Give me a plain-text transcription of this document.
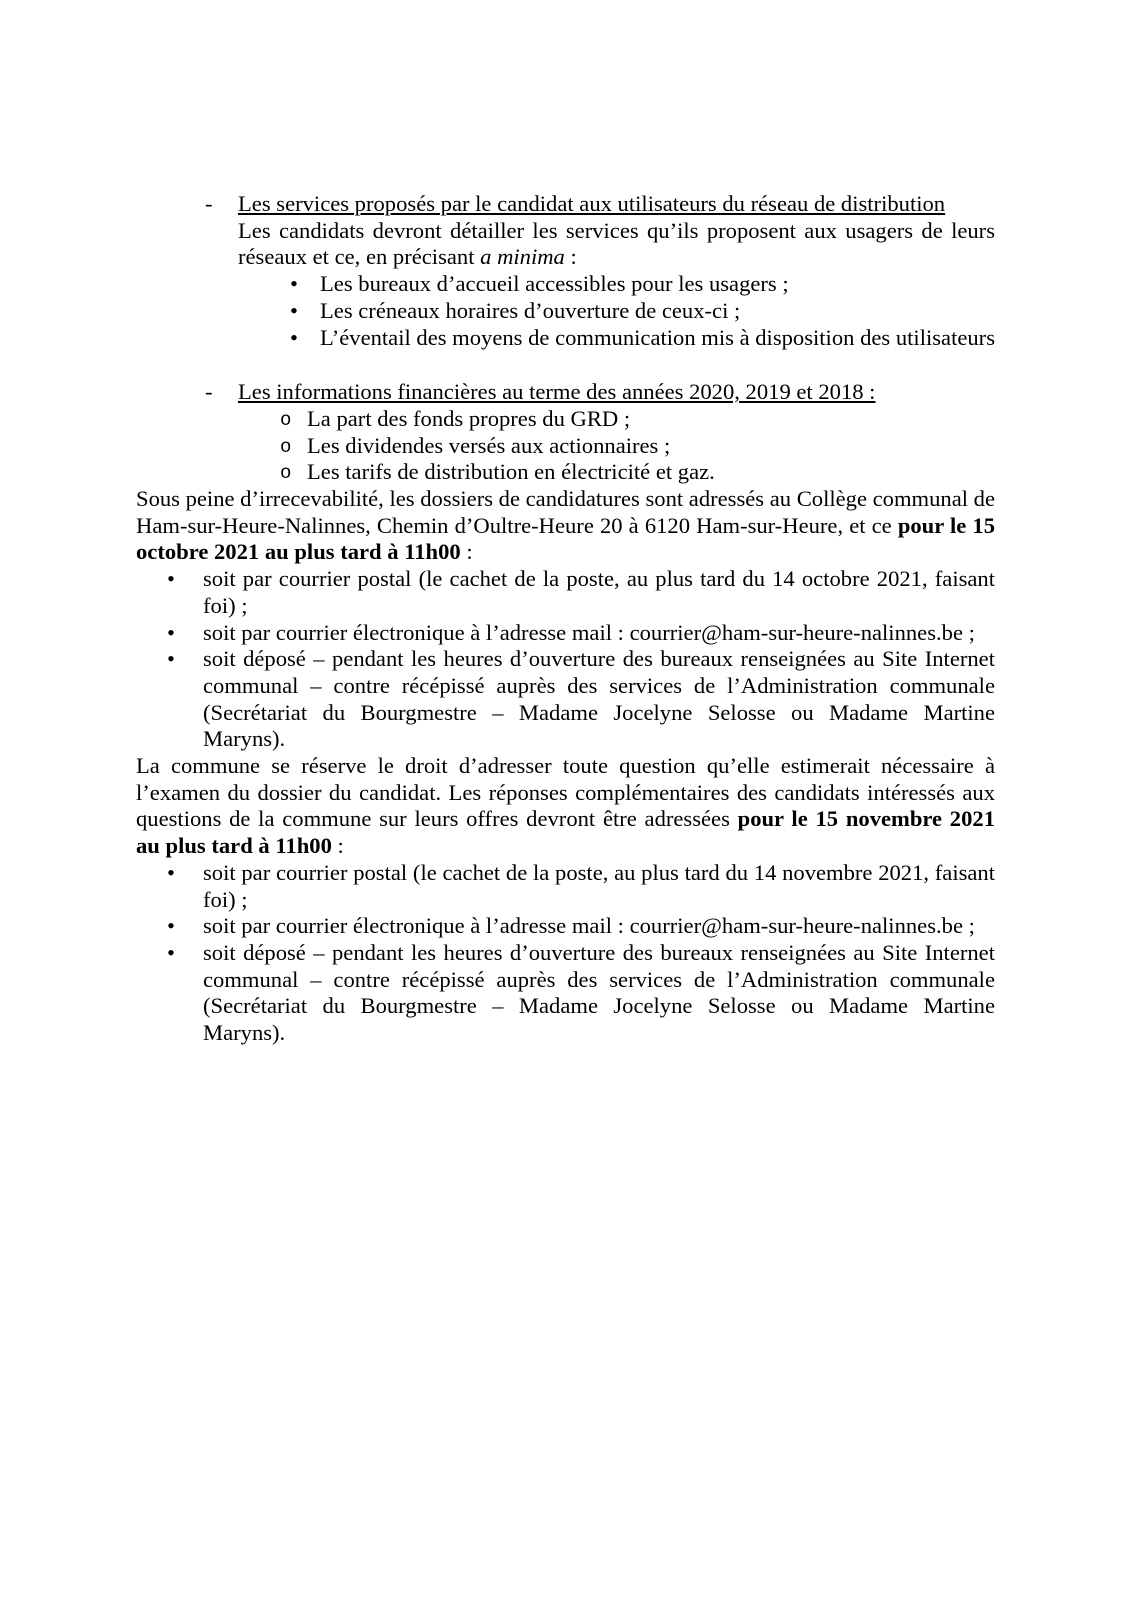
- Les services proposés par le candidat aux utilisateurs du réseau de distribution

Les candidats devront détailler les services qu’ils proposent aux usagers de leurs réseaux et ce, en précisant a minima :

• Les bureaux d’accueil accessibles pour les usagers ;
• Les créneaux horaires d’ouverture de ceux-ci ;
• L’éventail des moyens de communication mis à disposition des utilisateurs
- Les informations financières au terme des années 2020, 2019 et 2018 :
o La part des fonds propres du GRD ;
o Les dividendes versés aux actionnaires ;
o Les tarifs de distribution en électricité et gaz.

Sous peine d’irrecevabilité, les dossiers de candidatures sont adressés au Collège communal de Ham-sur-Heure-Nalinnes, Chemin d’Oultre-Heure 20 à 6120 Ham-sur-Heure, et ce pour le 15 octobre 2021 au plus tard à 11h00 :

• soit par courrier postal (le cachet de la poste, au plus tard du 14 octobre 2021, faisant foi) ;
• soit par courrier électronique à l’adresse mail : courrier@ham-sur-heure-nalinnes.be ;
• soit déposé – pendant les heures d’ouverture des bureaux renseignées au Site Internet communal – contre récépissé auprès des services de l’Administration communale (Secrétariat du Bourgmestre – Madame Jocelyne Selosse ou Madame Martine Maryns).

La commune se réserve le droit d’adresser toute question qu’elle estimerait nécessaire à l’examen du dossier du candidat. Les réponses complémentaires des candidats intéressés aux questions de la commune sur leurs offres devront être adressées pour le 15 novembre 2021 au plus tard à 11h00 :

• soit par courrier postal (le cachet de la poste, au plus tard du 14 novembre 2021, faisant foi) ;
• soit par courrier électronique à l’adresse mail : courrier@ham-sur-heure-nalinnes.be ;
• soit déposé – pendant les heures d’ouverture des bureaux renseignées au Site Internet communal – contre récépissé auprès des services de l’Administration communale (Secrétariat du Bourgmestre – Madame Jocelyne Selosse ou Madame Martine Maryns).
